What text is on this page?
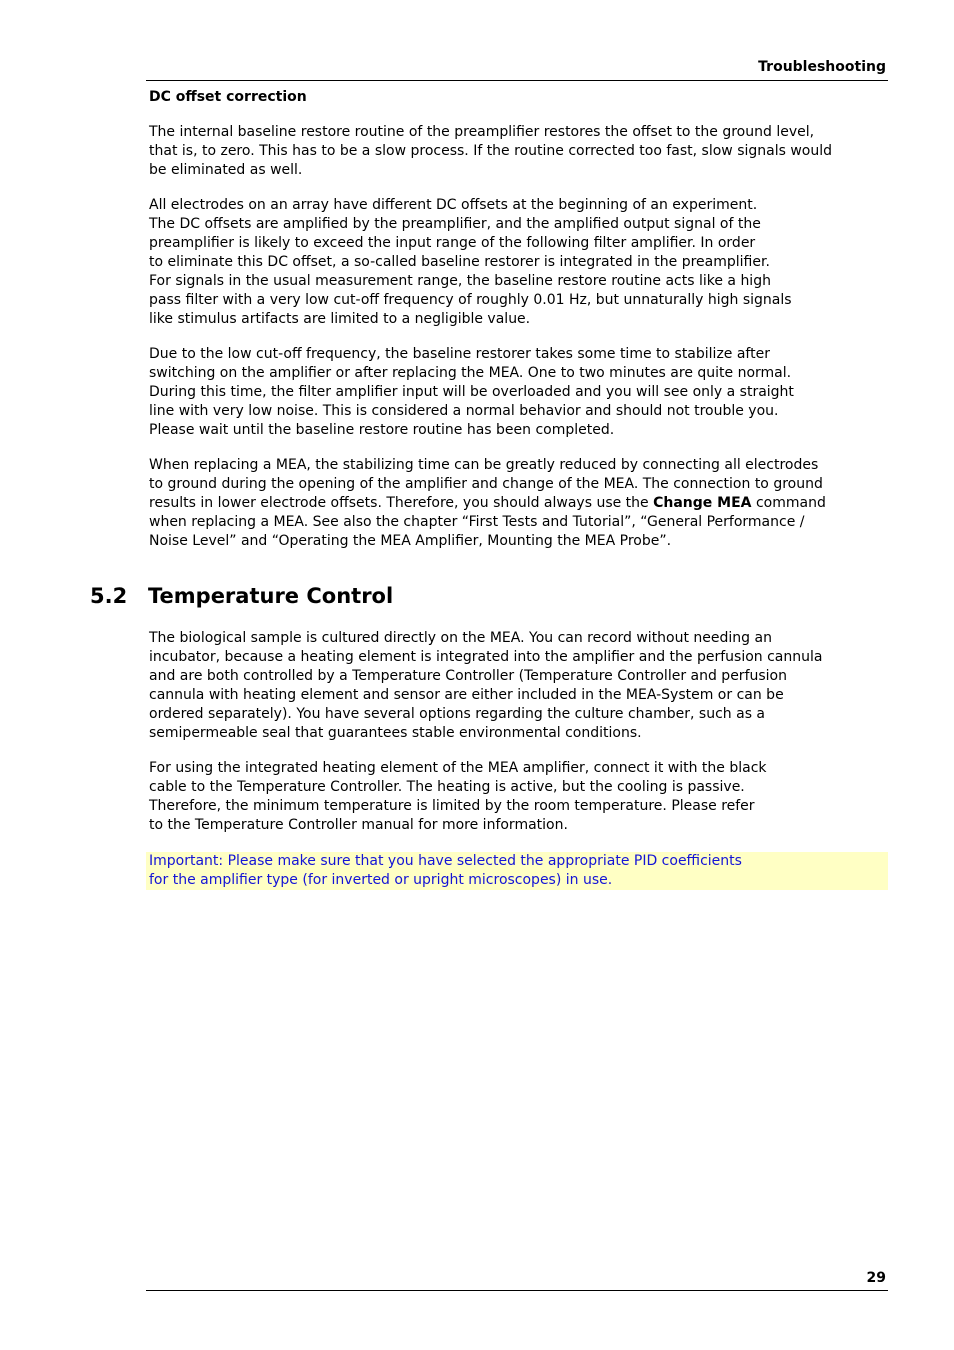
Troubleshooting
DC offset correction

The internal baseline restore routine of the preamplifier restores the offset to the ground level,
that is, to zero. This has to be a slow process. If the routine corrected too fast, slow signals would
be eliminated as well.

All electrodes on an array have different DC offsets at the beginning of an experiment.
The DC offsets are amplified by the preamplifier, and the amplified output signal of the
preamplifier is likely to exceed the input range of the following filter amplifier. In order
to eliminate this DC offset, a so-called baseline restorer is integrated in the preamplifier.
For signals in the usual measurement range, the baseline restore routine acts like a high
pass filter with a very low cut-off frequency of roughly 0.01 Hz, but unnaturally high signals
like stimulus artifacts are limited to a negligible value.

Due to the low cut-off frequency, the baseline restorer takes some time to stabilize after
switching on the amplifier or after replacing the MEA. One to two minutes are quite normal.
During this time, the filter amplifier input will be overloaded and you will see only a straight
line with very low noise. This is considered a normal behavior and should not trouble you.
Please wait until the baseline restore routine has been completed.

When replacing a MEA, the stabilizing time can be greatly reduced by connecting all electrodes
to ground during the opening of the amplifier and change of the MEA. The connection to ground
results in lower electrode offsets. Therefore, you should always use the Change MEA command
when replacing a MEA. See also the chapter “First Tests and Tutorial”, “General Performance /
Noise Level” and “Operating the MEA Amplifier, Mounting the MEA Probe”.

5.2 Temperature Control

The biological sample is cultured directly on the MEA. You can record without needing an
incubator, because a heating element is integrated into the amplifier and the perfusion cannula
and are both controlled by a Temperature Controller (Temperature Controller and perfusion
cannula with heating element and sensor are either included in the MEA-System or can be
ordered separately). You have several options regarding the culture chamber, such as a
semipermeable seal that guarantees stable environmental conditions.

For using the integrated heating element of the MEA amplifier, connect it with the black
cable to the Temperature Controller. The heating is active, but the cooling is passive.
Therefore, the minimum temperature is limited by the room temperature. Please refer
to the Temperature Controller manual for more information.

Important: Please make sure that you have selected the appropriate PID coefficients
for the amplifier type (for inverted or upright microscopes) in use.
29
